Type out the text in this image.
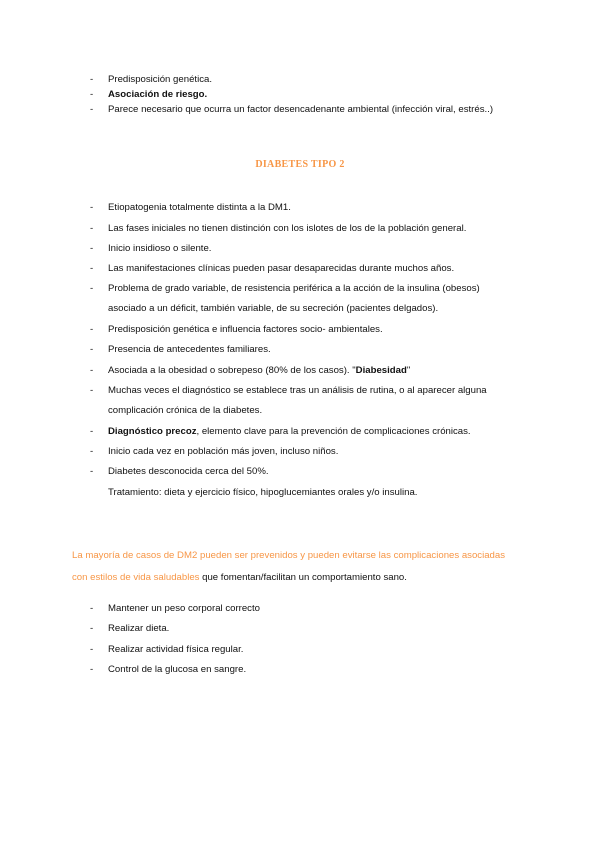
- Predisposición genética.
- Asociación de riesgo.
- Parece necesario que ocurra un factor desencadenante ambiental (infección viral, estrés..)
DIABETES TIPO 2
- Etiopatogenia totalmente distinta a la DM1.
- Las fases iniciales no tienen distinción con los islotes de los de la población general.
- Inicio insidioso o silente.
- Las manifestaciones clínicas pueden pasar desaparecidas durante muchos años.
- Problema de grado variable, de resistencia periférica a la acción de la insulina (obesos)
asociado a un déficit, también variable, de su secreción (pacientes delgados).
- Predisposición genética e influencia factores socio- ambientales.
- Presencia de antecedentes familiares.
- Asociada a la obesidad o sobrepeso (80% de los casos). "Diabesidad"
- Muchas veces el diagnóstico se establece tras un análisis de rutina, o al aparecer alguna
complicación crónica de la diabetes.
- Diagnóstico precoz, elemento clave para la prevención de complicaciones crónicas.
- Inicio cada vez en población más joven, incluso niños.
- Diabetes desconocida cerca del 50%.
Tratamiento: dieta y ejercicio físico, hipoglucemiantes orales y/o insulina.
La mayoría de casos de DM2 pueden ser prevenidos y pueden evitarse las complicaciones asociadas
con estilos de vida saludables que fomentan/facilitan un comportamiento sano.
- Mantener un peso corporal correcto
- Realizar dieta.
- Realizar actividad física regular.
- Control de la glucosa en sangre.
